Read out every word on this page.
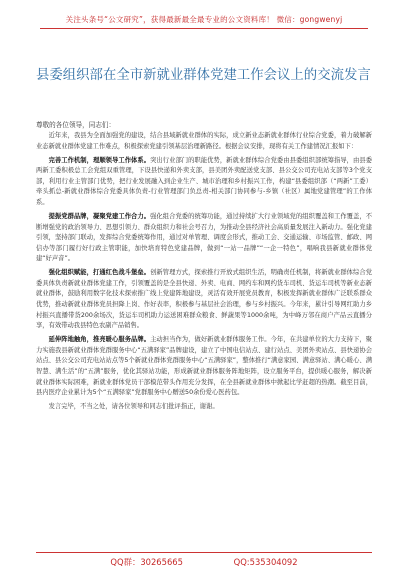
关注头条号“公文研究”，获得最新最全最专业的公文资料库！ 微信：gongwenyj
县委组织部在全市新就业群体党建工作会议上的交流发言
尊敬的各位领导，同志们：

近年来，我县为全面加强党的建设，结合县域新就业群体的实际，成立新业态新就业群体行业综合党委，着力破解新业态新就业群体党建工作难点，积极探索党建引领基层治理新路径。根据会议安排，现将有关工作建情况汇报如下：

完善工作机制，理顺领导工作体系。突出行业部门的职能优势，新就业群体综合党委由县委组织部统筹指导，由县委两新工委积极总工会党组双重管理，下设县快递和外卖支部，县美团外卖配送党支部、县公交公司充电站支部等3个党支部，利用行业主管部门优势，把行业发展融入到企业生产、城市治理和乡村振兴工作，构建“县委组织部（“两新”工委）牵头抓总-新就业群体综合党委具体负责-行业管理部门负总责-相关部门协同参与-乡镇（社区）属地党建管理”的工作体系。

提振党群品牌，凝聚党建工作合力。强化组合党委的统筹功能，通过持续扩大行业领域党的组织覆盖和工作覆盖，不断增强党的政治领导力、思想引领力、群众组织力和社会号召力，为推动全县经济社会高质量发展注入新动力。强化党建引领，坚持部门联动，发挥综合党委统筹作用，通过对单管理、调度会形式，推动工会、交通运输、市场监管、邮政、网信办等部门履行好行政主管职能，加快培育特色党建品牌，做到“一站一品牌”“一企一特色”，唱响我县新就业群体党建“好声音”。

强化组织赋能，打通红色战斗堡垒。创新管理方式，探索推行开放式组织生活，明确责任机制，将新就业群体综合党委具体负责新就业群体党建工作，引领覆盖的是全县快递、外卖、电商、网约车和网约货车司机、货运车司机等新业态新就业群体，鼓励利用数字化技术探索推广线上党建阵地建设，灵活有效开展党员教育，积极发挥新就业群体广泛联系群众优势，推动新就业群体党员担降上岗、作好表率，积极参与基层社会治理，参与乡村振兴。今年来，累计引导网红助力乡村振兴直播带货200余场次，货运车司机助力运送困难群众粮食、鲜蔬果等1000余吨，为中峰万邻在商户产品云直播分享，有效带动我县特色农副产品销售。

延伸阵地触角，推亮暖心服务品牌。主动担当作为，做好新就业群体服务工作。今年，在共建单位的大力支持下，聚力实施我县新就业群体党群服务中心“五满驿家”品牌建设，建立了中国电信站点、建行站点、美团外卖站点、县快递协会站点、县公交公司充电站站点等5个新就业群体党群服务中心“五满驿家”，整体推行“满意家园、满意驿站、满心暖心、满智慧、满生活”的“五满”服务，优化其驿站功能，形成新就业群体服务阵地矩阵，设立服务平台，提供暖心服务，解决新就业群体实际困难，新就业群体党员干部模范带头作用充分发挥，在全县新就业群体中掀起比学赶超的热潮。截至目前，县内医疗企业累计为5个“五满驿家”党群服务中心赠送50余份爱心医药包。

发言完毕，不当之处，请各位领导和同志们批评指正，谢谢。

QQ群：30265665	QQ:535304092
